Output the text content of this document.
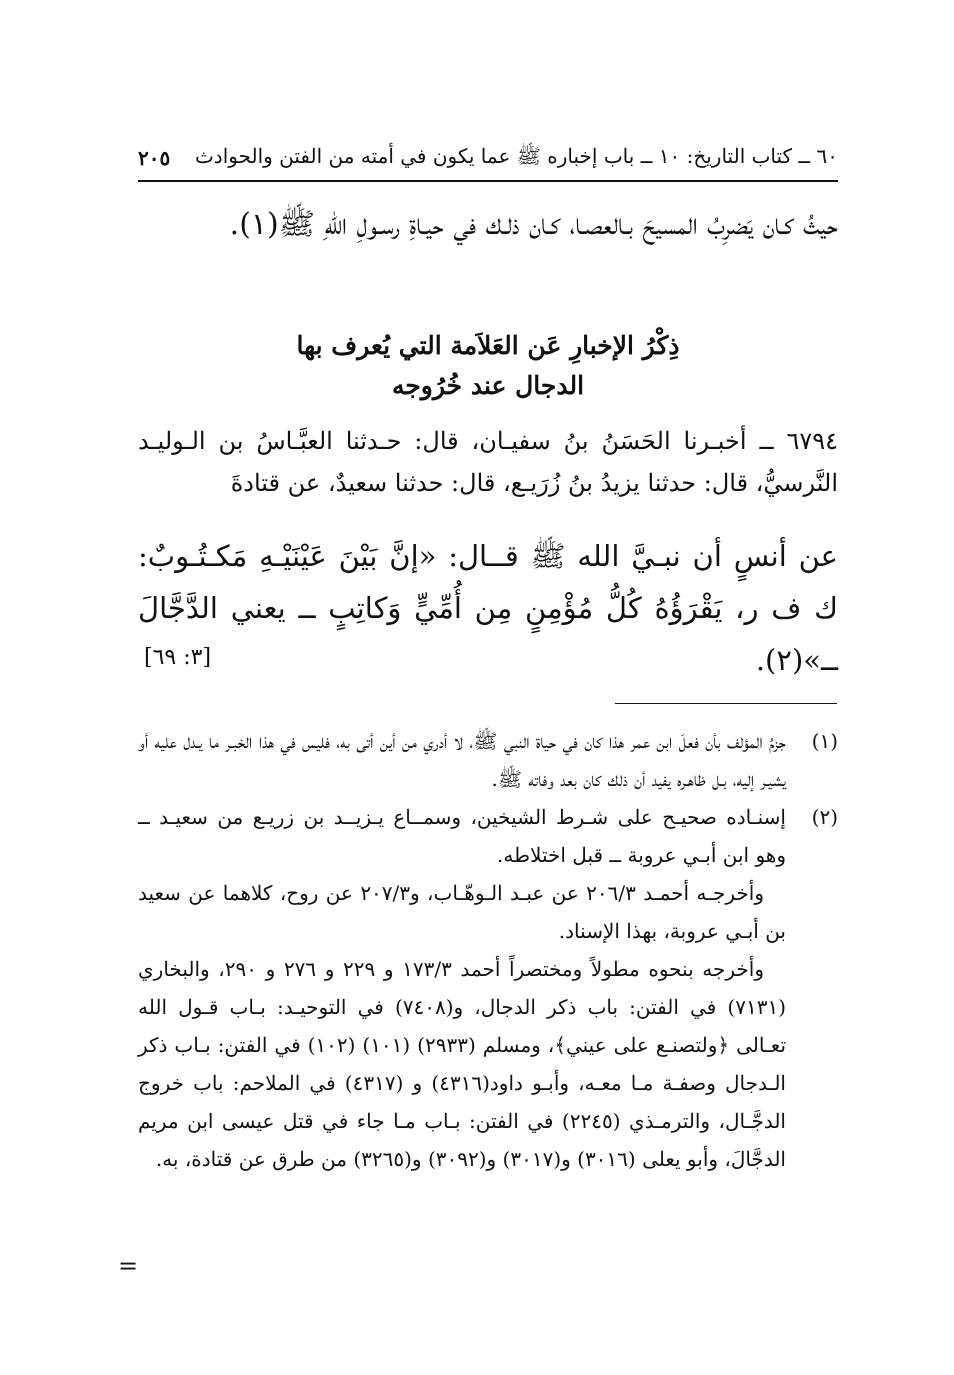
٦٠ ــ كتاب التاريخ: ١٠ ــ باب إخباره ﷺ عما يكون في أمته من الفتن والحوادث
٢٠٥
حيثُ كـان يَضرِبُ المسيحَ بـالعصـا، كـان ذلـك في حيـاةِ رسـولِ اللّهِ ﷺ(١).
ذِكْرُ الإخبارِ عَن العَلاَمة التي يُعرف بها
الدجال عند خُرُوجه
٦٧٩٤ ــ أخبـرنا الحَسَنُ بنُ سفيـان، قال: حـدثنا العبَّـاسُ بن الـوليـد النَّرسيُّ، قال: حدثنا يزيدُ بنُ زُرَيـع، قال: حدثنا سعيدٌ، عن قتادةَ
عن أنسٍ أن نبـيَّ الله ﷺ قــال: «إنَّ بَيْنَ عَيْنَيْـهِ مَكـتُـوبٌ: ك ف ر، يَقْرَؤُهُ كُلُّ مُؤْمِنٍ مِن أُمِّيٍّ وَكاتِبٍ ــ يعني الدَّجَّالَ ــ»(٢).
[٣: ٦٩]
(١)
جزمُ المؤلف بأن فعلَ ابن عمر هذا كان في حياة النبي ﷺ، لا أدري من أين أتى به، فليس في هذا الخبـر ما يـدل عليه أو يشيـر إليه، بـل ظاهـره يفيد أن ذلك كان بعد وفاته ﷺ.
(٢)
إسنـاده صحيـح على شـرط الشيخين، وسمــاع يـزيــد بن زريـع من سعيـد ــ وهو ابن أبـي عروبة ــ قبل اختلاطه.
وأخرجـه أحمـد ٢٠٦/٣ عن عبـد الـوهّـاب، و٢٠٧/٣ عن روح، كلاهما عن سعيد بن أبـي عروبة، بهذا الإسناد.
وأخرجه بنحوه مطولاً ومختصراً أحمد ١٧٣/٣ و ٢٢٩ و ٢٧٦ و ٢٩٠، والبخاري (٧١٣١) في الفتن: باب ذكر الدجال، و(٧٤٠٨) في التوحيـد: بـاب قـول الله تعـالى ﴿ولتصنـع على عيني﴾، ومسلم (٢٩٣٣) (١٠١) (١٠٢) في الفتن: بـاب ذكر الـدجال وصفـة مـا معـه، وأبـو داود(٤٣١٦) و (٤٣١٧) في الملاحم: باب خروج الدجَّـال، والترمـذي (٢٢٤٥) في الفتن: بـاب مـا جاء في قتل عيسى ابن مريم الدجَّالَ، وأبو يعلى (٣٠١٦) و(٣٠١٧) و(٣٠٩٢) و(٣٢٦٥) من طرق عن قتادة، به.
=
